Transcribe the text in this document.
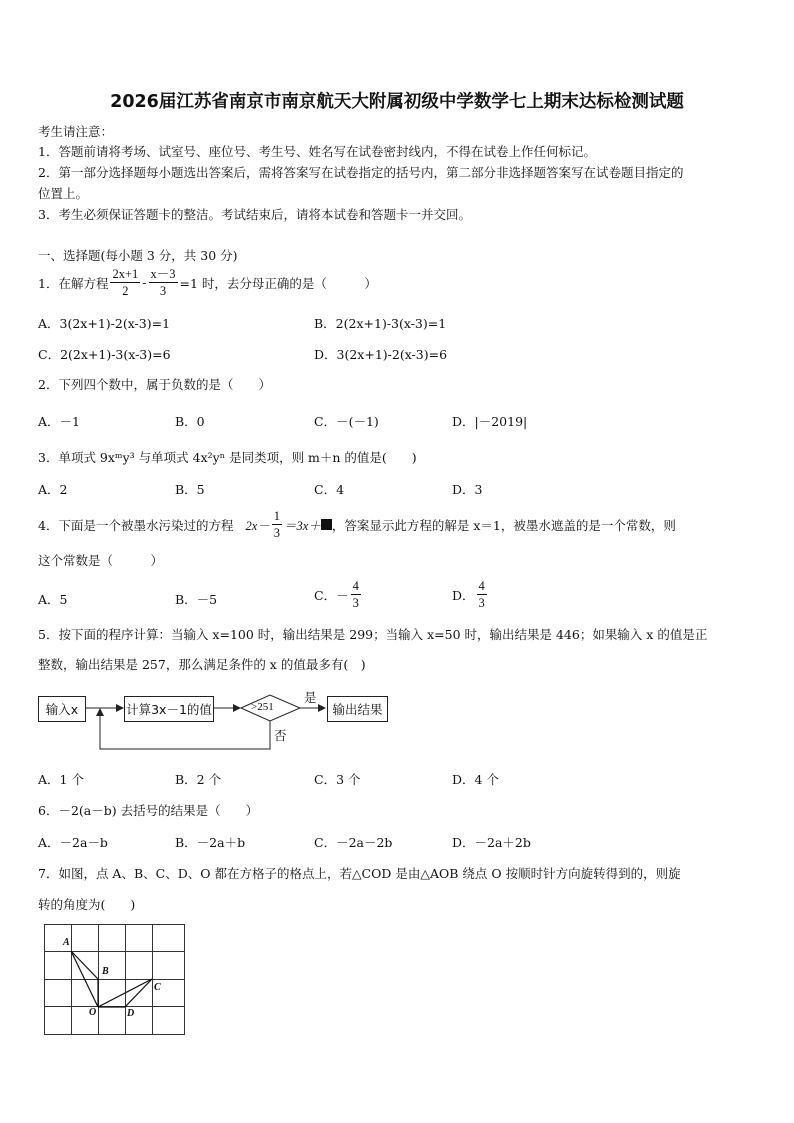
2026届江苏省南京市南京航天大附属初级中学数学七上期末达标检测试题
考生请注意：
1．答题前请将考场、试室号、座位号、考生号、姓名写在试卷密封线内，不得在试卷上作任何标记。
2．第一部分选择题每小题选出答案后，需将答案写在试卷指定的括号内，第二部分非选择题答案写在试卷题目指定的
位置上。
3．考生必须保证答题卡的整洁。考试结束后，请将本试卷和答题卡一并交回。
一、选择题(每小题 3 分，共 30 分)
1．在解方程 $\frac{2x+1}{2} - \frac{x-3}{3} =1$ 时，去分母正确的是（　　　）
A．3(2x+1)-2(x-3)=1	B．2(2x+1)-3(x-3)=1
C．2(2x+1)-3(x-3)=6	D．3(2x+1)-2(x-3)=6
2．下列四个数中，属于负数的是（　　）
A．－1	B．0	C．－(－1)	D．|－2019|
3．单项式 9xᵐy³ 与单项式 4x²yⁿ 是同类项，则 m＋n 的值是(　　)
A．2	B．5	C．4	D．3
4．下面是一个被墨水污染过的方程 $2x- \frac{1}{3} =3x+$ ，答案显示此方程的解是 x＝1，被墨水遮盖的是一个常数，则
这个常数是（　　　）
A．5	B．－5	C．－ $\frac{4}{3}$	D． $\frac{4}{3}$
5．按下面的程序计算：当输入 x=100 时，输出结果是 299；当输入 x=50 时，输出结果是 446；如果输入 x 的值是正
整数，输出结果是 257，那么满足条件的 x 的值最多有(　)
输入x	计算3x－1的值	>251
是
否
输出结果
A．1 个	B．2 个	C．3 个	D．4 个
6．－2(a－b) 去括号的结果是（　　）
A．－2a－b	B．－2a＋b	C．－2a－2b	D．－2a＋2b
7．如图，点 A、B、C、D、O 都在方格子的格点上，若△COD 是由△AOB 绕点 O 按顺时针方向旋转得到的，则旋
转的角度为(　　)
A
B
C
D
O
